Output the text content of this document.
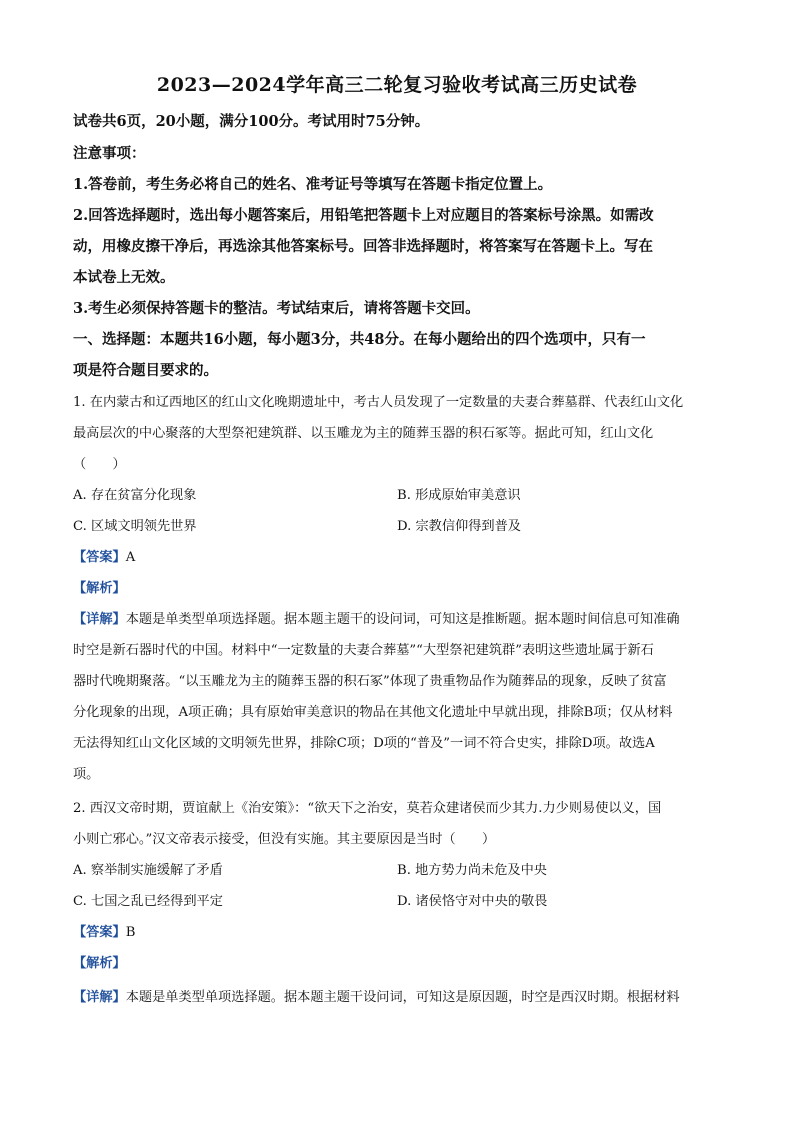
2023—2024学年高三二轮复习验收考试高三历史试卷
试卷共6页，20小题，满分100分。考试用时75分钟。
注意事项：
1.答卷前，考生务必将自己的姓名、准考证号等填写在答题卡指定位置上。
2.回答选择题时，选出每小题答案后，用铅笔把答题卡上对应题目的答案标号涂黑。如需改
动，用橡皮擦干净后，再选涂其他答案标号。回答非选择题时，将答案写在答题卡上。写在
本试卷上无效。
3.考生必须保持答题卡的整洁。考试结束后，请将答题卡交回。
一、选择题：本题共16小题，每小题3分，共48分。在每小题给出的四个选项中，只有一
项是符合题目要求的。
1. 在内蒙古和辽西地区的红山文化晚期遗址中，考古人员发现了一定数量的夫妻合葬墓群、代表红山文化
最高层次的中心聚落的大型祭祀建筑群、以玉雕龙为主的随葬玉器的积石冢等。据此可知，红山文化
（　　）
A. 存在贫富分化现象	B. 形成原始审美意识
C. 区域文明领先世界	D. 宗教信仰得到普及
【答案】A
【解析】
【详解】本题是单类型单项选择题。据本题主题干的设问词，可知这是推断题。据本题时间信息可知准确
时空是新石器时代的中国。材料中“一定数量的夫妻合葬墓”“大型祭祀建筑群”表明这些遗址属于新石
器时代晚期聚落。“以玉雕龙为主的随葬玉器的积石冢”体现了贵重物品作为随葬品的现象，反映了贫富
分化现象的出现，A项正确；具有原始审美意识的物品在其他文化遗址中早就出现，排除B项；仅从材料
无法得知红山文化区域的文明领先世界，排除C项；D项的“普及”一词不符合史实，排除D项。故选A
项。
2. 西汉文帝时期，贾谊献上《治安策》：“欲天下之治安，莫若众建诸侯而少其力.力少则易使以义，国
小则亡邪心。”汉文帝表示接受，但没有实施。其主要原因是当时（　　）
A. 察举制实施缓解了矛盾	B. 地方势力尚未危及中央
C. 七国之乱已经得到平定	D. 诸侯恪守对中央的敬畏
【答案】B
【解析】
【详解】本题是单类型单项选择题。据本题主题干设问词，可知这是原因题，时空是西汉时期。根据材料
